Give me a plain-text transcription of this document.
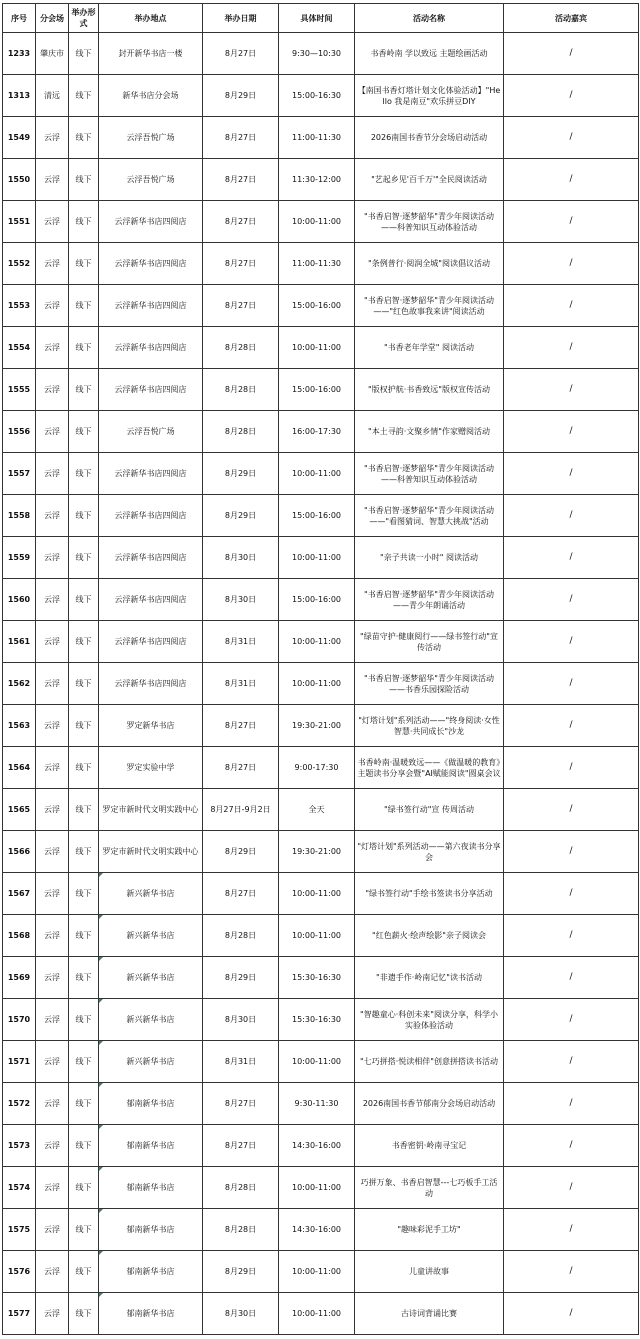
序号	分会场	举办形式	举办地点	举办日期	具体时间	活动名称	活动嘉宾
1233	肇庆市	线下	封开新华书店一楼	8月27日	9:30—10:30	书香岭南 学以致远 主题绘画活动	/
1313	清远	线下	新华书店分会场	8月29日	15:00-16:30	【南国书香灯塔计划文化体验活动】"Hello 我是南豆"欢乐拼豆DIY	/
1549	云浮	线下	云浮吾悦广场	8月27日	11:00-11:30	2026南国书香节分会场启动活动	/
1550	云浮	线下	云浮吾悦广场	8月27日	11:30-12:00	"艺起乡见'百千万'"全民阅读活动	/
1551	云浮	线下	云浮新华书店四阅店	8月27日	10:00-11:00	"书香启智·逐梦韶华"青少年阅读活动——科普知识互动体验活动	/
1552	云浮	线下	云浮新华书店四阅店	8月27日	11:00-11:30	"条例普行·阅润全城"阅读倡议活动	/
1553	云浮	线下	云浮新华书店四阅店	8月27日	15:00-16:00	"书香启智·逐梦韶华"青少年阅读活动——"红色故事我来讲"阅读活动	/
1554	云浮	线下	云浮新华书店四阅店	8月28日	10:00-11:00	"书香老年学堂" 阅读活动	/
1555	云浮	线下	云浮新华书店四阅店	8月28日	15:00-16:00	"版权护航·书香致远"版权宣传活动	/
1556	云浮	线下	云浮吾悦广场	8月28日	16:00-17:30	"本土寻韵·文聚乡情"作家赠阅活动	/
1557	云浮	线下	云浮新华书店四阅店	8月29日	10:00-11:00	"书香启智·逐梦韶华"青少年阅读活动——科普知识互动体验活动	/
1558	云浮	线下	云浮新华书店四阅店	8月29日	15:00-16:00	"书香启智·逐梦韶华"青少年阅读活动——"看图猜词、智慧大挑战"活动	/
1559	云浮	线下	云浮新华书店四阅店	8月30日	10:00-11:00	"亲子共读一小时" 阅读活动	/
1560	云浮	线下	云浮新华书店四阅店	8月30日	15:00-16:00	"书香启智·逐梦韶华"青少年阅读活动——青少年朗诵活动	/
1561	云浮	线下	云浮新华书店四阅店	8月31日	10:00-11:00	"绿苗守护·健康阅行——绿书签行动"宣传活动	/
1562	云浮	线下	云浮新华书店四阅店	8月31日	10:00-11:00	"书香启智·逐梦韶华"青少年阅读活动——书香乐园探险活动	/
1563	云浮	线下	罗定新华书店	8月27日	19:30-21:00	"灯塔计划"系列活动——"终身阅读·女性智慧·共同成长"沙龙	/
1564	云浮	线下	罗定实验中学	8月27日	9:00-17:30	书香岭南·温暖致远——《做温暖的教育》主题读书分享会暨"AI赋能阅读"圆桌会议	/
1565	云浮	线下	罗定市新时代文明实践中心	8月27日-9月2日	全天	"绿书签行动"宣 传周活动	/
1566	云浮	线下	罗定市新时代文明实践中心	8月29日	19:30-21:00	"灯塔计划"系列活动——第六夜读书分享会	/
1567	云浮	线下	新兴新华书店	8月27日	10:00-11:00	"绿书签行动"手绘书签读书分享活动	/
1568	云浮	线下	新兴新华书店	8月28日	10:00-11:00	"红色薪火·绘声绘影"亲子阅读会	/
1569	云浮	线下	新兴新华书店	8月29日	15:30-16:30	"非遗手作·岭南记忆"读书活动	/
1570	云浮	线下	新兴新华书店	8月30日	15:30-16:30	"智趣童心·科创未来"阅读分享，科学小实验体验活动	/
1571	云浮	线下	新兴新华书店	8月31日	10:00-11:00	"七巧拼搭·悦读相伴"创意拼搭读书活动	/
1572	云浮	线下	郁南新华书店	8月27日	9:30-11:30	2026南国书香节郁南分会场启动活动	/
1573	云浮	线下	郁南新华书店	8月27日	14:30-16:00	书香密钥·岭南寻宝记	/
1574	云浮	线下	郁南新华书店	8月28日	10:00-11:00	巧拼万象、书香启智慧---七巧板手工活动	/
1575	云浮	线下	郁南新华书店	8月28日	14:30-16:00	"趣味彩泥手工坊"	/
1576	云浮	线下	郁南新华书店	8月29日	10:00-11:00	儿童讲故事	/
1577	云浮	线下	郁南新华书店	8月30日	10:00-11:00	古诗词背诵比赛	/
